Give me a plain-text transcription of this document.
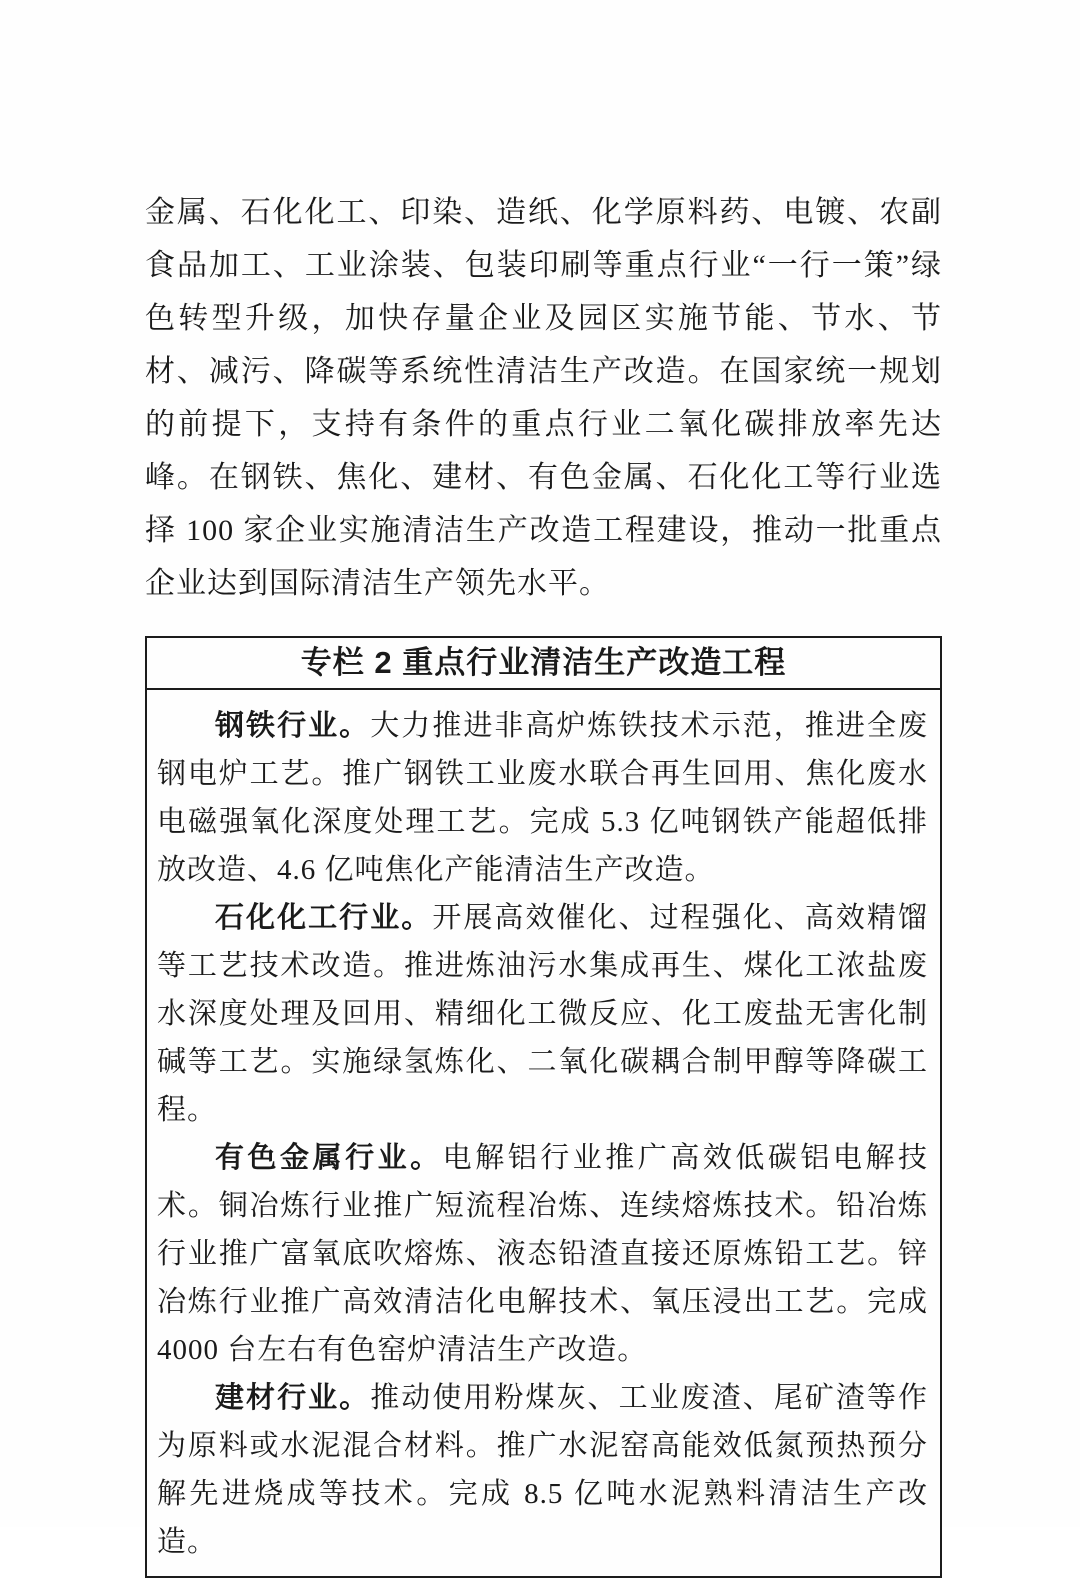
金属、石化化工、印染、造纸、化学原料药、电镀、农副食品加工、工业涂装、包装印刷等重点行业“一行一策”绿色转型升级，加快存量企业及园区实施节能、节水、节材、减污、降碳等系统性清洁生产改造。在国家统一规划的前提下，支持有条件的重点行业二氧化碳排放率先达峰。在钢铁、焦化、建材、有色金属、石化化工等行业选择 100 家企业实施清洁生产改造工程建设，推动一批重点企业达到国际清洁生产领先水平。

专栏 2 重点行业清洁生产改造工程

钢铁行业。大力推进非高炉炼铁技术示范，推进全废钢电炉工艺。推广钢铁工业废水联合再生回用、焦化废水电磁强氧化深度处理工艺。完成 5.3 亿吨钢铁产能超低排放改造、4.6 亿吨焦化产能清洁生产改造。

石化化工行业。开展高效催化、过程强化、高效精馏等工艺技术改造。推进炼油污水集成再生、煤化工浓盐废水深度处理及回用、精细化工微反应、化工废盐无害化制碱等工艺。实施绿氢炼化、二氧化碳耦合制甲醇等降碳工程。

有色金属行业。电解铝行业推广高效低碳铝电解技术。铜冶炼行业推广短流程冶炼、连续熔炼技术。铅冶炼行业推广富氧底吹熔炼、液态铅渣直接还原炼铅工艺。锌冶炼行业推广高效清洁化电解技术、氧压浸出工艺。完成 4000 台左右有色窑炉清洁生产改造。

建材行业。推动使用粉煤灰、工业废渣、尾矿渣等作为原料或水泥混合材料。推广水泥窑高能效低氮预热预分解先进烧成等技术。完成 8.5 亿吨水泥熟料清洁生产改造。
